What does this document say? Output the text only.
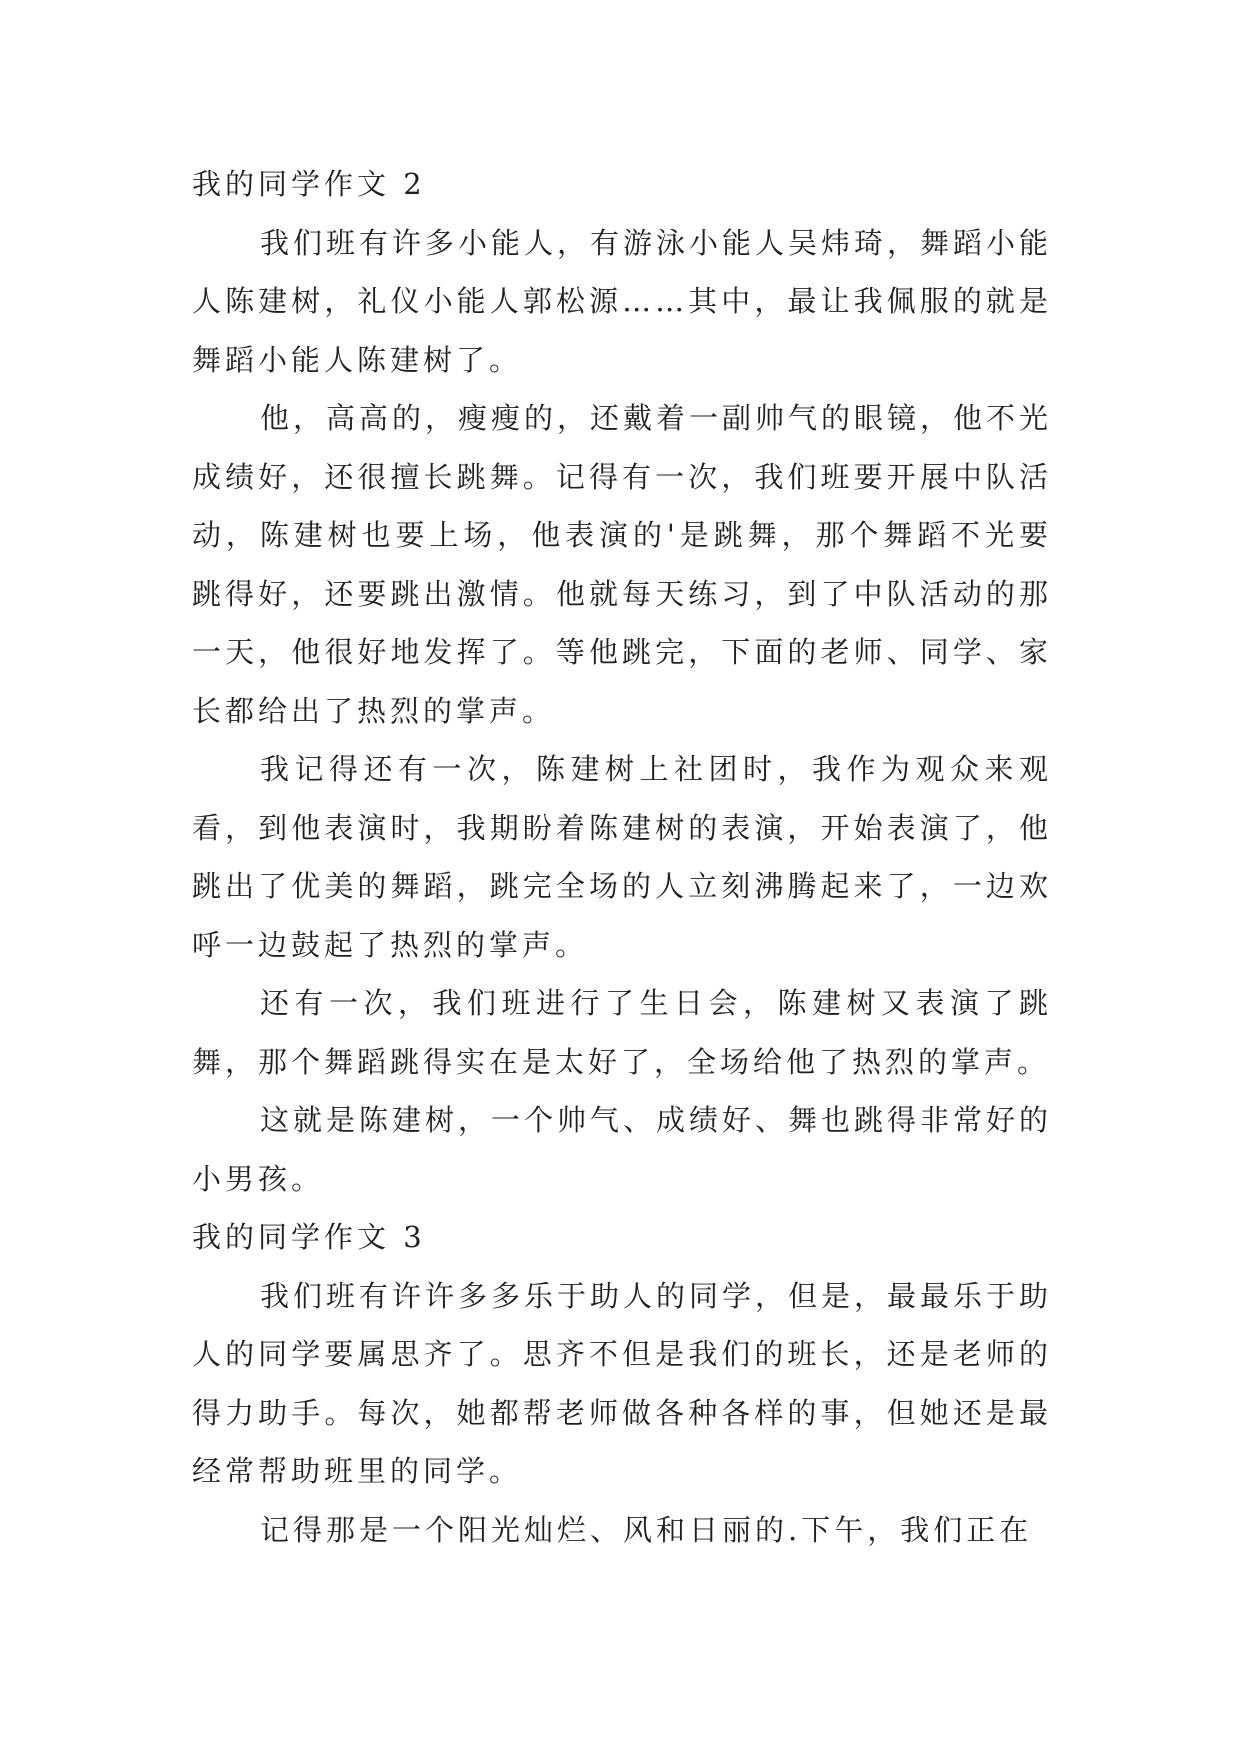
我的同学作文 2

我们班有许多小能人，有游泳小能人吴炜琦，舞蹈小能人陈建树，礼仪小能人郭松源……其中，最让我佩服的就是舞蹈小能人陈建树了。

他，高高的，瘦瘦的，还戴着一副帅气的眼镜，他不光成绩好，还很擅长跳舞。记得有一次，我们班要开展中队活动，陈建树也要上场，他表演的'是跳舞，那个舞蹈不光要跳得好，还要跳出激情。他就每天练习，到了中队活动的那一天，他很好地发挥了。等他跳完，下面的老师、同学、家长都给出了热烈的掌声。

我记得还有一次，陈建树上社团时，我作为观众来观看，到他表演时，我期盼着陈建树的表演，开始表演了，他跳出了优美的舞蹈，跳完全场的人立刻沸腾起来了，一边欢呼一边鼓起了热烈的掌声。

还有一次，我们班进行了生日会，陈建树又表演了跳舞，那个舞蹈跳得实在是太好了，全场给他了热烈的掌声。

这就是陈建树，一个帅气、成绩好、舞也跳得非常好的小男孩。

我的同学作文 3

我们班有许许多多乐于助人的同学，但是，最最乐于助人的同学要属思齐了。思齐不但是我们的班长，还是老师的得力助手。每次，她都帮老师做各种各样的事，但她还是最经常帮助班里的同学。

记得那是一个阳光灿烂、风和日丽的.下午，我们正在
